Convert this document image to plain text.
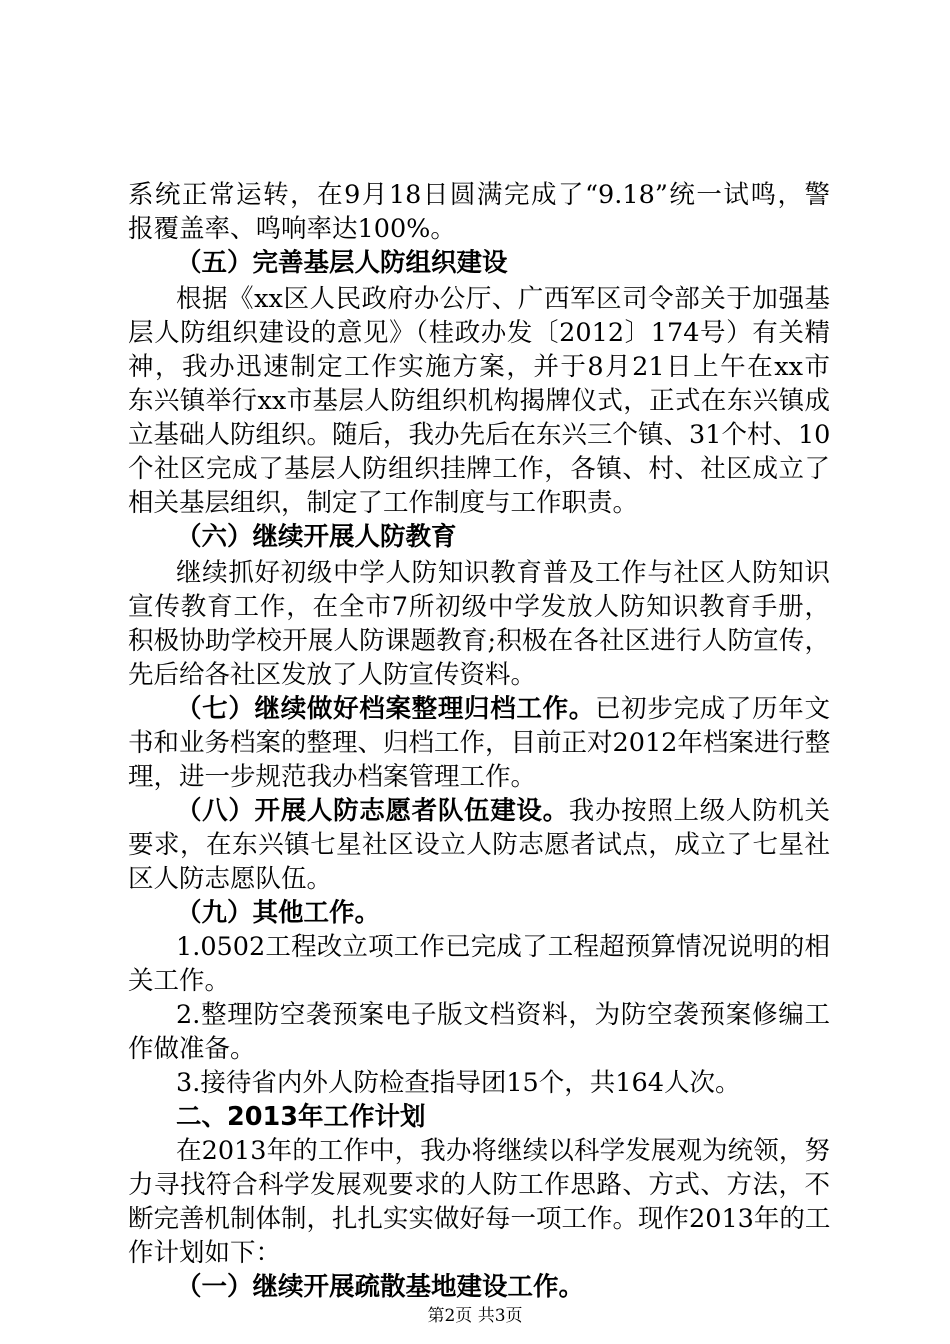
系统正常运转，在9月18日圆满完成了“9.18”统一试鸣，警
报覆盖率、鸣响率达100%。
（五）完善基层人防组织建设
根据《xx区人民政府办公厅、广西军区司令部关于加强基
层人防组织建设的意见》（桂政办发〔2012〕174号）有关精
神，我办迅速制定工作实施方案，并于8月21日上午在xx市
东兴镇举行xx市基层人防组织机构揭牌仪式，正式在东兴镇成
立基础人防组织。随后，我办先后在东兴三个镇、31个村、10
个社区完成了基层人防组织挂牌工作，各镇、村、社区成立了
相关基层组织，制定了工作制度与工作职责。
（六）继续开展人防教育
继续抓好初级中学人防知识教育普及工作与社区人防知识
宣传教育工作，在全市7所初级中学发放人防知识教育手册，
积极协助学校开展人防课题教育;积极在各社区进行人防宣传，
先后给各社区发放了人防宣传资料。
（七）继续做好档案整理归档工作。已初步完成了历年文
书和业务档案的整理、归档工作，目前正对2012年档案进行整
理，进一步规范我办档案管理工作。
（八）开展人防志愿者队伍建设。我办按照上级人防机关
要求，在东兴镇七星社区设立人防志愿者试点，成立了七星社
区人防志愿队伍。
（九）其他工作。
1.0502工程改立项工作已完成了工程超预算情况说明的相
关工作。
2.整理防空袭预案电子版文档资料，为防空袭预案修编工
作做准备。
3.接待省内外人防检查指导团15个，共164人次。
二、2013年工作计划
在2013年的工作中，我办将继续以科学发展观为统领，努
力寻找符合科学发展观要求的人防工作思路、方式、方法，不
断完善机制体制，扎扎实实做好每一项工作。现作2013年的工
作计划如下：
（一）继续开展疏散基地建设工作。
第2页 共3页
